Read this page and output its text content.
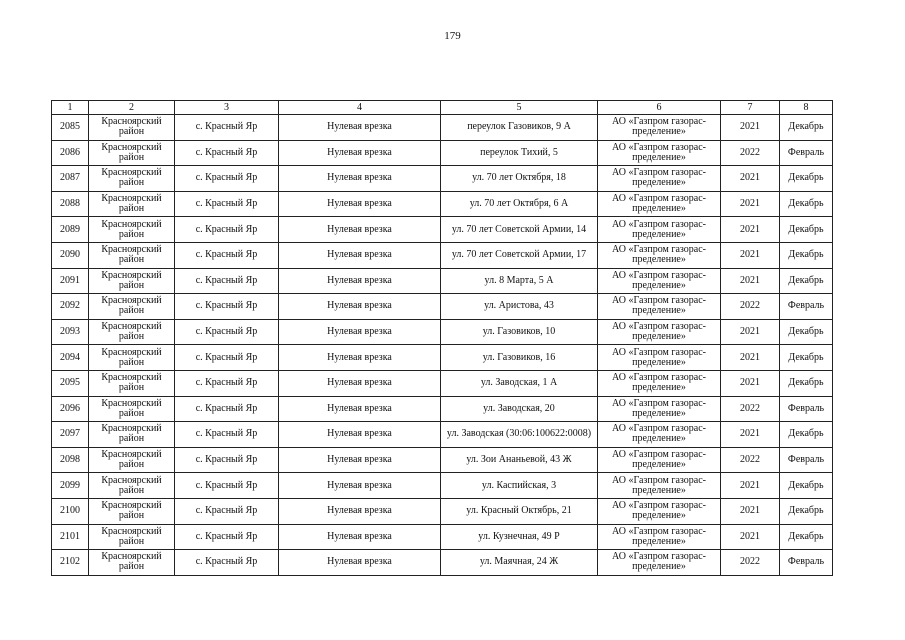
179
1	2	3	4	5	6	7	8
2085	Красноярский район	с. Красный Яр	Нулевая врезка	переулок Газовиков, 9 А	АО «Газпром газорас-пределение»	2021	Декабрь
2086	Красноярский район	с. Красный Яр	Нулевая врезка	переулок Тихий, 5	АО «Газпром газорас-пределение»	2022	Февраль
2087	Красноярский район	с. Красный Яр	Нулевая врезка	ул. 70 лет Октября, 18	АО «Газпром газорас-пределение»	2021	Декабрь
2088	Красноярский район	с. Красный Яр	Нулевая врезка	ул. 70 лет Октября, 6 А	АО «Газпром газорас-пределение»	2021	Декабрь
2089	Красноярский район	с. Красный Яр	Нулевая врезка	ул. 70 лет Советской Армии, 14	АО «Газпром газорас-пределение»	2021	Декабрь
2090	Красноярский район	с. Красный Яр	Нулевая врезка	ул. 70 лет Советской Армии, 17	АО «Газпром газорас-пределение»	2021	Декабрь
2091	Красноярский район	с. Красный Яр	Нулевая врезка	ул. 8 Марта, 5 А	АО «Газпром газорас-пределение»	2021	Декабрь
2092	Красноярский район	с. Красный Яр	Нулевая врезка	ул. Аристова, 43	АО «Газпром газорас-пределение»	2022	Февраль
2093	Красноярский район	с. Красный Яр	Нулевая врезка	ул. Газовиков, 10	АО «Газпром газорас-пределение»	2021	Декабрь
2094	Красноярский район	с. Красный Яр	Нулевая врезка	ул. Газовиков, 16	АО «Газпром газорас-пределение»	2021	Декабрь
2095	Красноярский район	с. Красный Яр	Нулевая врезка	ул. Заводская, 1 А	АО «Газпром газорас-пределение»	2021	Декабрь
2096	Красноярский район	с. Красный Яр	Нулевая врезка	ул. Заводская, 20	АО «Газпром газорас-пределение»	2022	Февраль
2097	Красноярский район	с. Красный Яр	Нулевая врезка	ул. Заводская (30:06:100622:0008)	АО «Газпром газорас-пределение»	2021	Декабрь
2098	Красноярский район	с. Красный Яр	Нулевая врезка	ул. Зои Ананьевой, 43 Ж	АО «Газпром газорас-пределение»	2022	Февраль
2099	Красноярский район	с. Красный Яр	Нулевая врезка	ул. Каспийская, 3	АО «Газпром газорас-пределение»	2021	Декабрь
2100	Красноярский район	с. Красный Яр	Нулевая врезка	ул. Красный Октябрь, 21	АО «Газпром газорас-пределение»	2021	Декабрь
2101	Красноярский район	с. Красный Яр	Нулевая врезка	ул. Кузнечная, 49 Р	АО «Газпром газорас-пределение»	2021	Декабрь
2102	Красноярский район	с. Красный Яр	Нулевая врезка	ул. Маячная, 24 Ж	АО «Газпром газорас-пределение»	2022	Февраль
